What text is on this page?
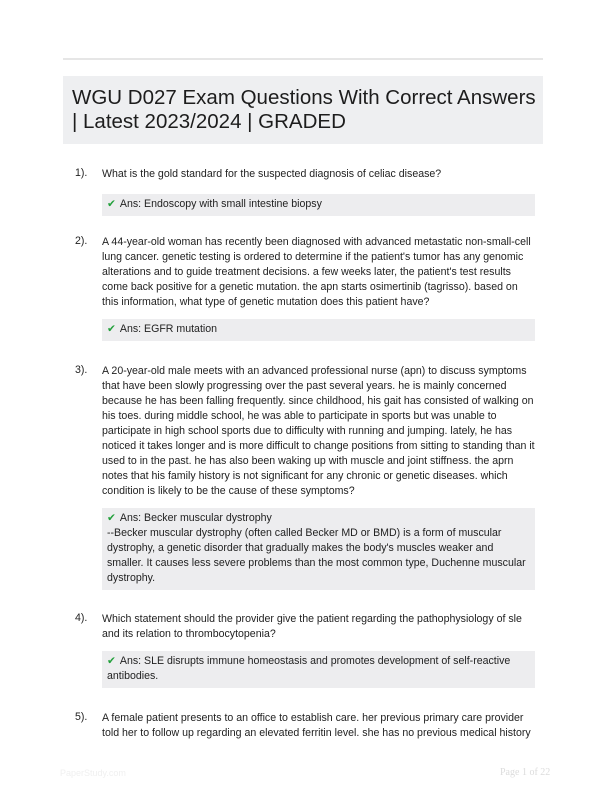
WGU D027 Exam Questions With Correct Answers | Latest 2023/2024 | GRADED
1). What is the gold standard for the suspected diagnosis of celiac disease?
✔ Ans: Endoscopy with small intestine biopsy
2). A 44-year-old woman has recently been diagnosed with advanced metastatic non-small-cell lung cancer. genetic testing is ordered to determine if the patient's tumor has any genomic alterations and to guide treatment decisions. a few weeks later, the patient's test results come back positive for a genetic mutation. the apn starts osimertinib (tagrisso). based on this information, what type of genetic mutation does this patient have?
✔ Ans: EGFR mutation
3). A 20-year-old male meets with an advanced professional nurse (apn) to discuss symptoms that have been slowly progressing over the past several years. he is mainly concerned because he has been falling frequently. since childhood, his gait has consisted of walking on his toes. during middle school, he was able to participate in sports but was unable to participate in high school sports due to difficulty with running and jumping. lately, he has noticed it takes longer and is more difficult to change positions from sitting to standing than it used to in the past. he has also been waking up with muscle and joint stiffness. the aprn notes that his family history is not significant for any chronic or genetic diseases. which condition is likely to be the cause of these symptoms?
✔ Ans: Becker muscular dystrophy
--Becker muscular dystrophy (often called Becker MD or BMD) is a form of muscular dystrophy, a genetic disorder that gradually makes the body's muscles weaker and smaller. It causes less severe problems than the most common type, Duchenne muscular dystrophy.
4). Which statement should the provider give the patient regarding the pathophysiology of sle and its relation to thrombocytopenia?
✔ Ans: SLE disrupts immune homeostasis and promotes development of self-reactive antibodies.
5). A female patient presents to an office to establish care. her previous primary care provider told her to follow up regarding an elevated ferritin level. she has no previous medical history
PaperStudy.com	Page 1 of 22
